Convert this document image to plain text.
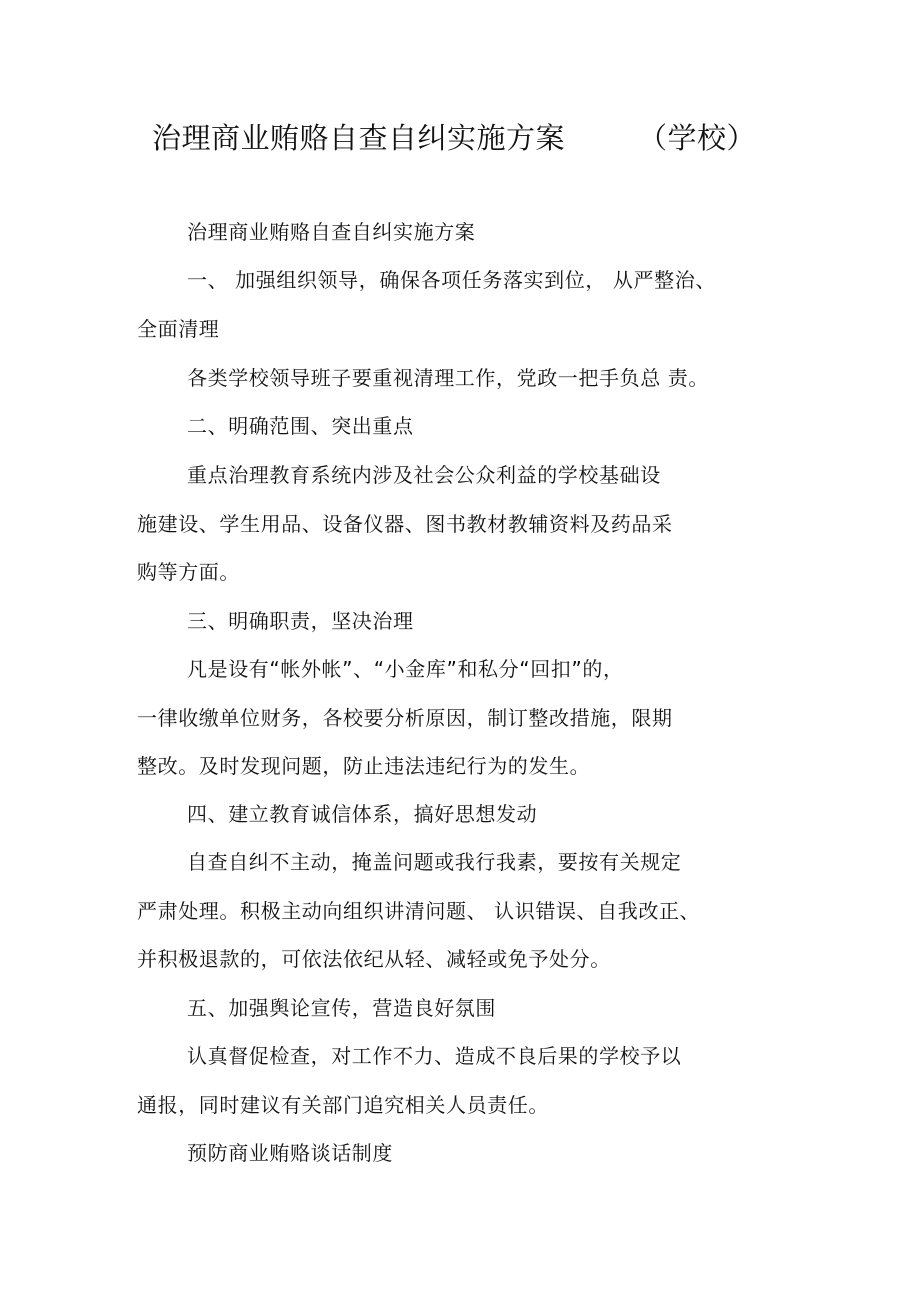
治理商业贿赂自查自纠实施方案	（学校）
治理商业贿赂自查自纠实施方案
一、 加强组织领导，确保各项任务落实到位， 从严整治、
全面清理
各类学校领导班子要重视清理工作，党政一把手负总 责。
二、明确范围、突出重点
重点治理教育系统内涉及社会公众利益的学校基础设
施建设、学生用品、设备仪器、图书教材教辅资料及药品采
购等方面。
三、明确职责，坚决治理
凡是设有“帐外帐”、“小金库”和私分“回扣”的，
一律收缴单位财务，各校要分析原因，制订整改措施，限期
整改。及时发现问题，防止违法违纪行为的发生。
四、建立教育诚信体系，搞好思想发动
自查自纠不主动，掩盖问题或我行我素，要按有关规定
严肃处理。积极主动向组织讲清问题、 认识错误、自我改正、
并积极退款的，可依法依纪从轻、减轻或免予处分。
五、加强舆论宣传，营造良好氛围
认真督促检查，对工作不力、造成不良后果的学校予以
通报，同时建议有关部门追究相关人员责任。
预防商业贿赂谈话制度
